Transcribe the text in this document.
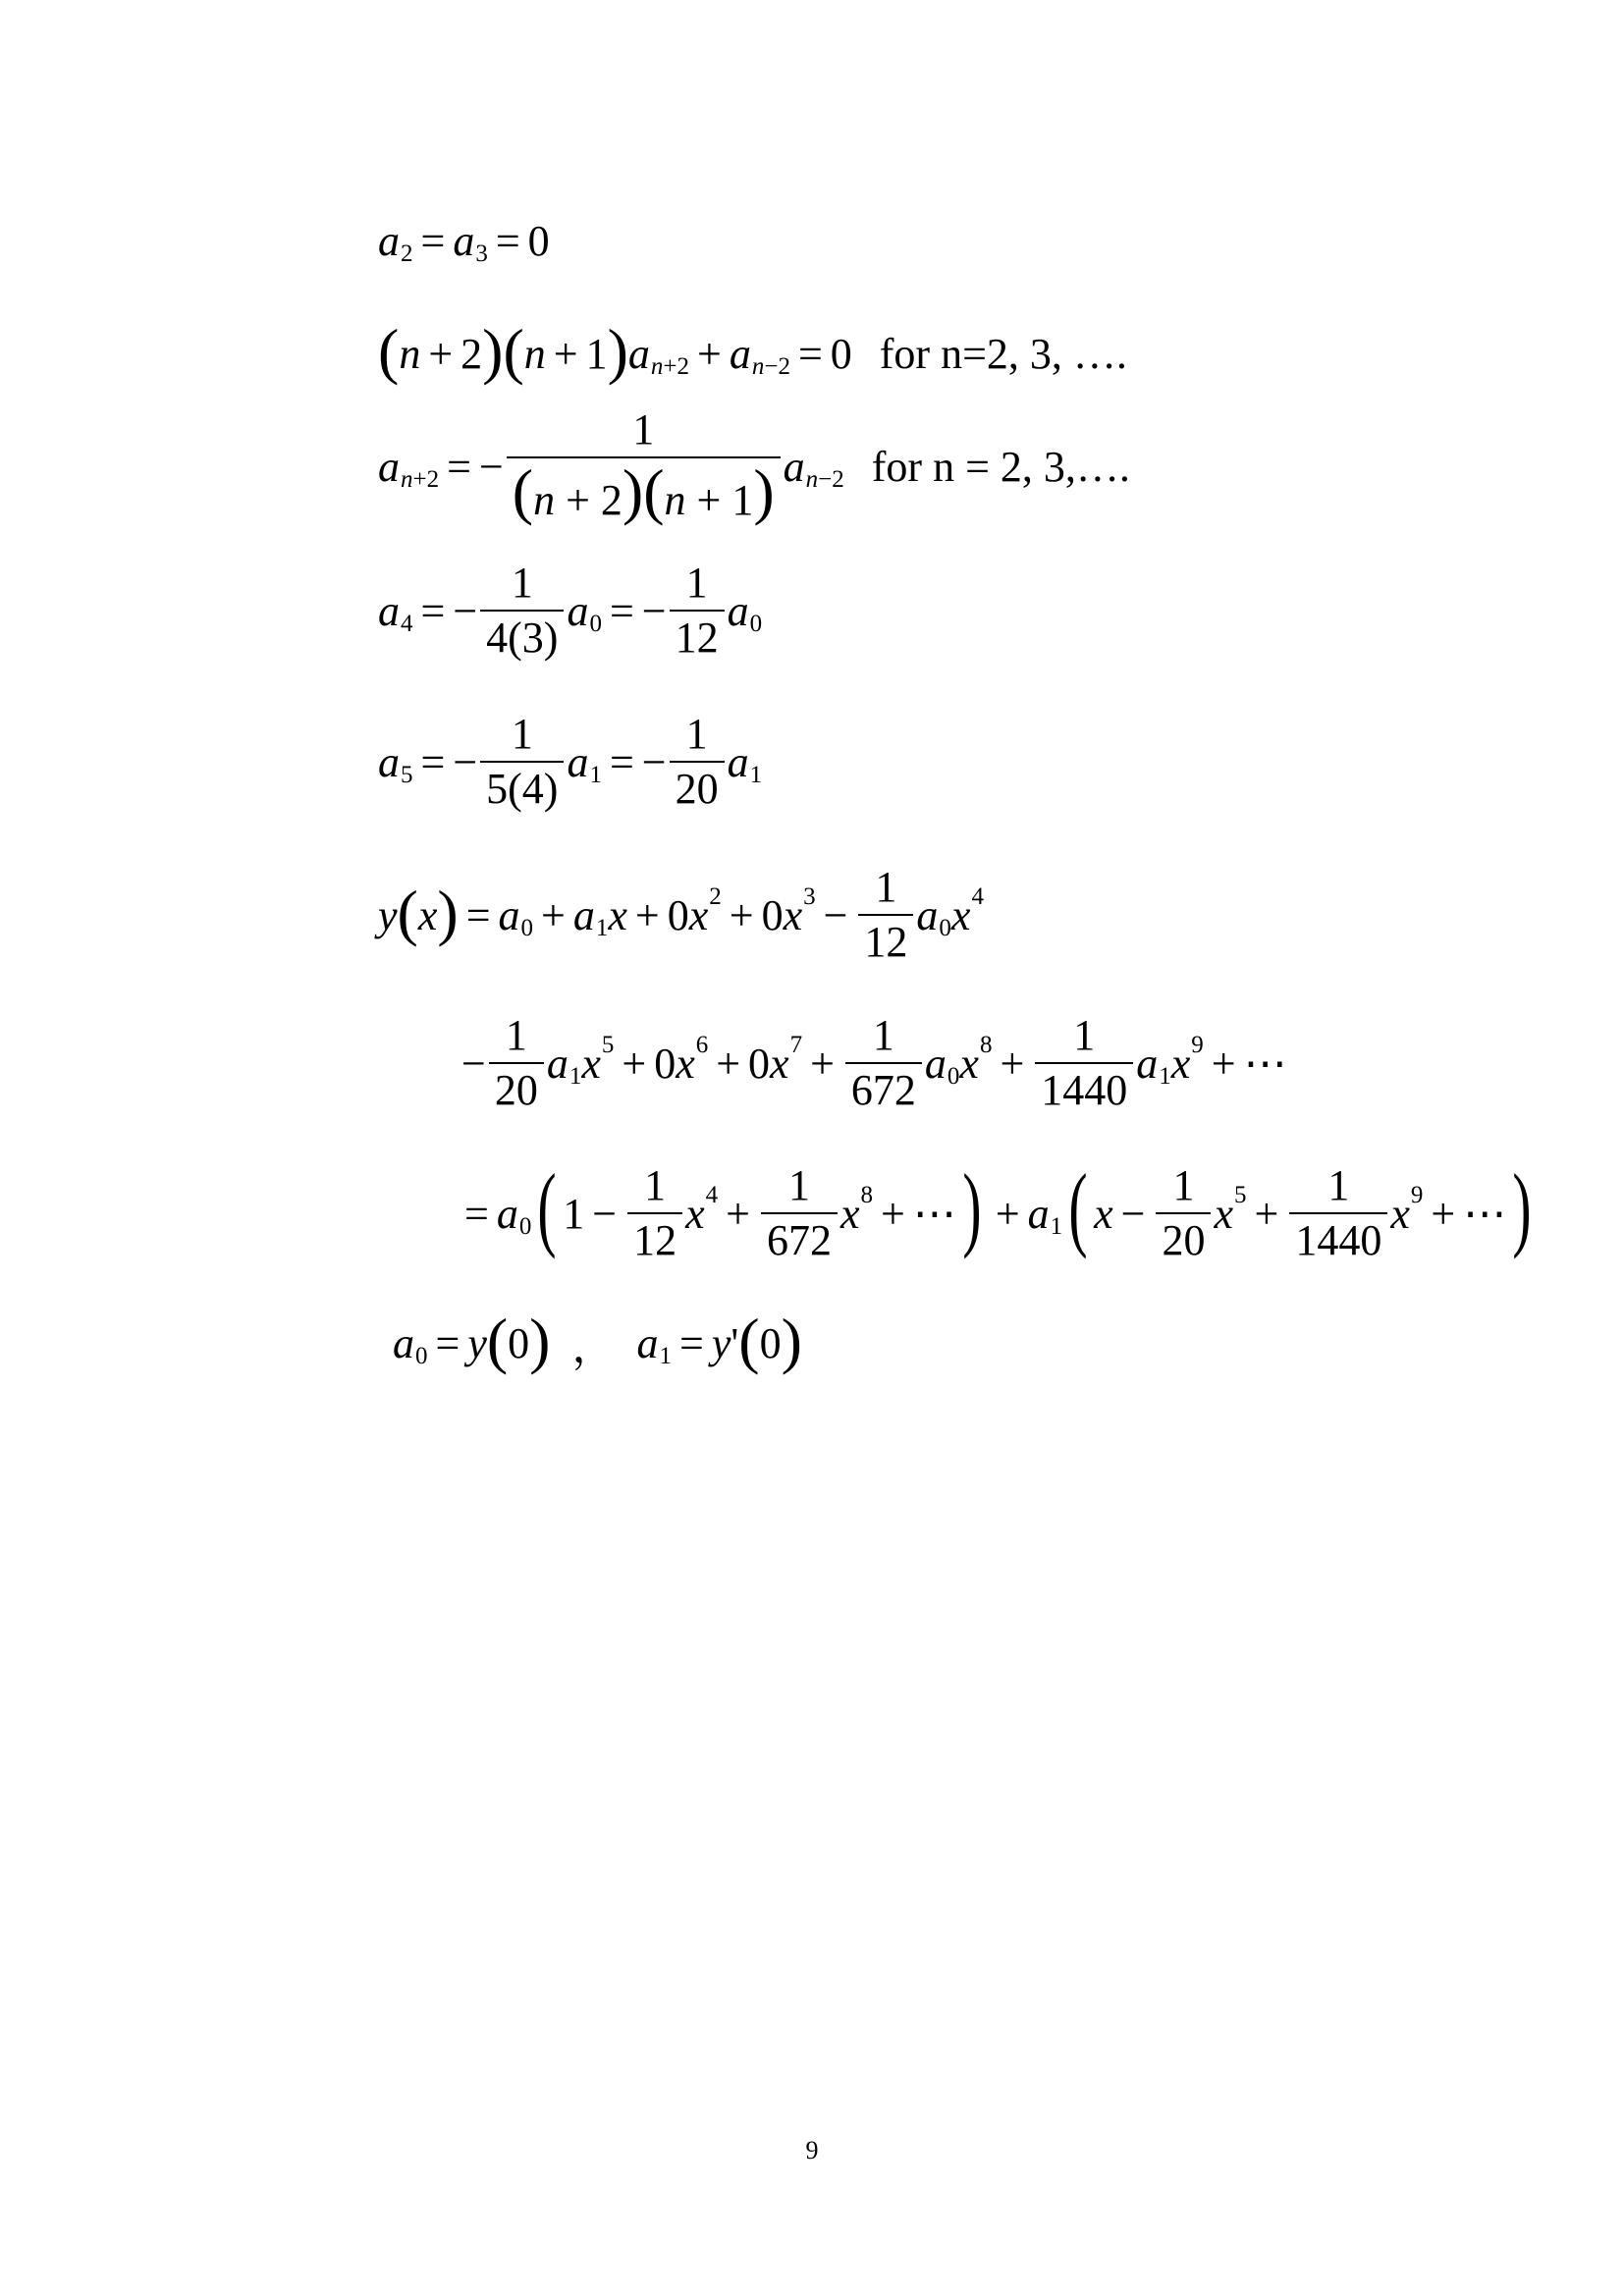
a 2 = a 3 = 0
( n + 2 ) ( n + 1 ) a n+2 + a n−2 = 0 for n=2, 3, ….
a n+2 = − $\frac{1}{(n + 2)(n + 1)}$ a n−2 for n = 2, 3,….
a 4 = − $\frac{1}{4(3)}$ a 0 = − $\frac{1}{12}$ a 0
a 5 = − $\frac{1}{5(4)}$ a 1 = − $\frac{1}{20}$ a 1
y ( x ) = a 0 + a 1 x + 0 x 2 + 0 x $3 - \frac{1}{12}$ a 0 x 4
− $\frac{1}{20}$ a 1 x 5 + 0 x 6 + 0 x $7 + \frac{1}{672}$ a 0 x $8 + \frac{1}{1440}$ a 1 x 9 + ⋯
= a 0 ( $1 - \frac{1}{12}$ x $4 + \frac{1}{672}$ x 8 + ⋯ ) + a 1 ( $x - \frac{1}{20}$ x $5 + \frac{1}{1440}$ x 9 + ⋯ )
a 0 = y ( 0 ) ， a 1 = y ' ( 0 )
9
